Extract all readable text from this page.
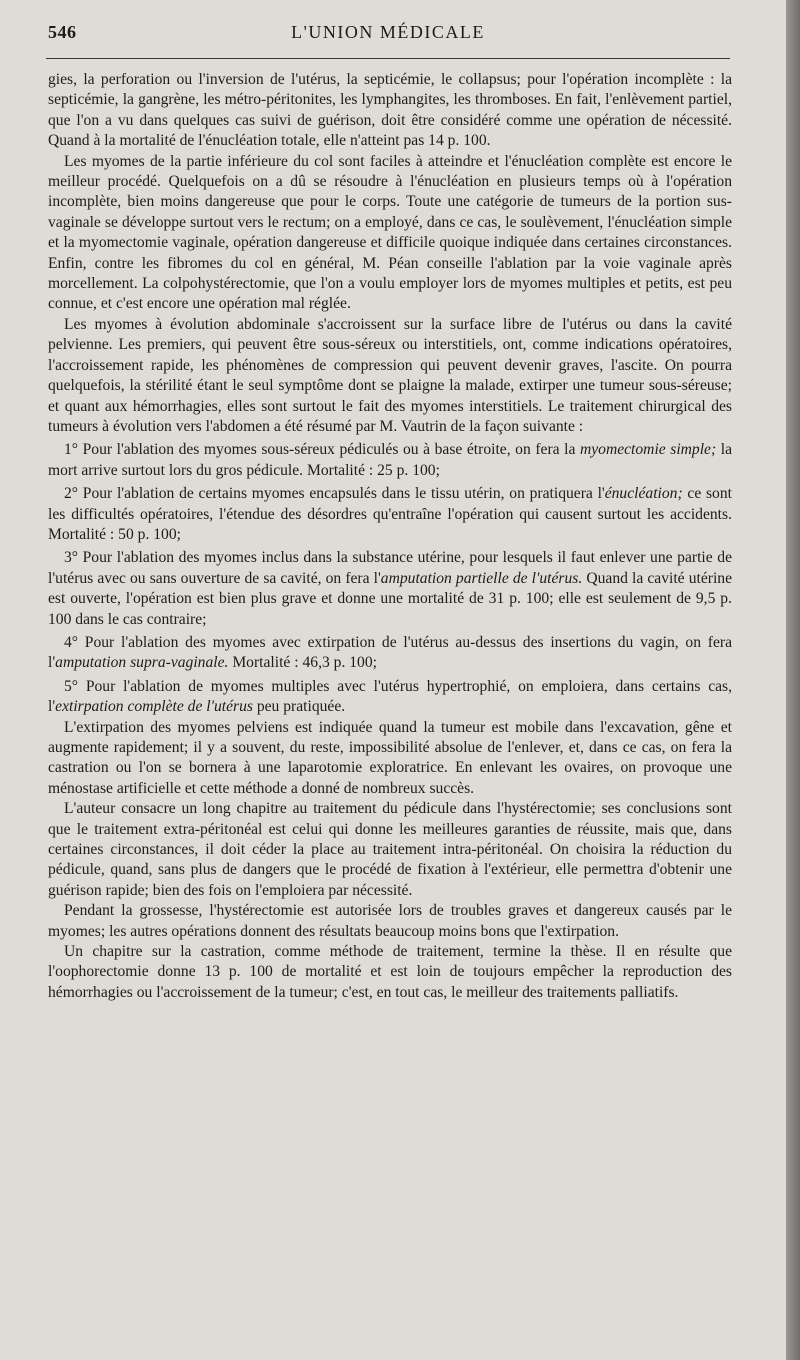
546	L'UNION MÉDICALE

gies, la perforation ou l'inversion de l'utérus, la septicémie, le collapsus; pour l'opération incomplète : la septicémie, la gangrène, les métro-péritonites, les lymphangites, les thromboses. En fait, l'enlèvement partiel, que l'on a vu dans quelques cas suivi de guérison, doit être considéré comme une opération de nécessité. Quand à la mortalité de l'énucléation totale, elle n'atteint pas 14 p. 100.

Les myomes de la partie inférieure du col sont faciles à atteindre et l'énucléation complète est encore le meilleur procédé. Quelquefois on a dû se résoudre à l'énucléation en plusieurs temps où à l'opération incomplète, bien moins dangereuse que pour le corps. Toute une catégorie de tumeurs de la portion sus-vaginale se développe surtout vers le rectum; on a employé, dans ce cas, le soulèvement, l'énucléation simple et la myomectomie vaginale, opération dangereuse et difficile quoique indiquée dans certaines circonstances. Enfin, contre les fibromes du col en général, M. Péan conseille l'ablation par la voie vaginale après morcellement. La colpohystérectomie, que l'on a voulu employer lors de myomes multiples et petits, est peu connue, et c'est encore une opération mal réglée.

Les myomes à évolution abdominale s'accroissent sur la surface libre de l'utérus ou dans la cavité pelvienne. Les premiers, qui peuvent être sous-séreux ou interstitiels, ont, comme indications opératoires, l'accroissement rapide, les phénomènes de compression qui peuvent devenir graves, l'ascite. On pourra quelquefois, la stérilité étant le seul symptôme dont se plaigne la malade, extirper une tumeur sous-séreuse; et quant aux hémorrhagies, elles sont surtout le fait des myomes interstitiels. Le traitement chirurgical des tumeurs à évolution vers l'abdomen a été résumé par M. Vautrin de la façon suivante :

1° Pour l'ablation des myomes sous-séreux pédiculés ou à base étroite, on fera la myomectomie simple; la mort arrive surtout lors du gros pédicule. Mortalité : 25 p. 100;

2° Pour l'ablation de certains myomes encapsulés dans le tissu utérin, on pratiquera l'énucléation; ce sont les difficultés opératoires, l'étendue des désordres qu'entraîne l'opération qui causent surtout les accidents. Mortalité : 50 p. 100;

3° Pour l'ablation des myomes inclus dans la substance utérine, pour lesquels il faut enlever une partie de l'utérus avec ou sans ouverture de sa cavité, on fera l'amputation partielle de l'utérus. Quand la cavité utérine est ouverte, l'opération est bien plus grave et donne une mortalité de 31 p. 100; elle est seulement de 9,5 p. 100 dans le cas contraire;

4° Pour l'ablation des myomes avec extirpation de l'utérus au-dessus des insertions du vagin, on fera l'amputation supra-vaginale. Mortalité : 46,3 p. 100;

5° Pour l'ablation de myomes multiples avec l'utérus hypertrophié, on emploiera, dans certains cas, l'extirpation complète de l'utérus peu pratiquée.

L'extirpation des myomes pelviens est indiquée quand la tumeur est mobile dans l'excavation, gêne et augmente rapidement; il y a souvent, du reste, impossibilité absolue de l'enlever, et, dans ce cas, on fera la castration ou l'on se bornera à une laparotomie exploratrice. En enlevant les ovaires, on provoque une ménostase artificielle et cette méthode a donné de nombreux succès.

L'auteur consacre un long chapitre au traitement du pédicule dans l'hystérectomie; ses conclusions sont que le traitement extra-péritonéal est celui qui donne les meilleures garanties de réussite, mais que, dans certaines circonstances, il doit céder la place au traitement intra-péritonéal. On choisira la réduction du pédicule, quand, sans plus de dangers que le procédé de fixation à l'extérieur, elle permettra d'obtenir une guérison rapide; bien des fois on l'emploiera par nécessité.

Pendant la grossesse, l'hystérectomie est autorisée lors de troubles graves et dangereux causés par le myomes; les autres opérations donnent des résultats beaucoup moins bons que l'extirpation.

Un chapitre sur la castration, comme méthode de traitement, termine la thèse. Il en résulte que l'oophorectomie donne 13 p. 100 de mortalité et est loin de toujours empêcher la reproduction des hémorrhagies ou l'accroissement de la tumeur; c'est, en tout cas, le meilleur des traitements palliatifs.
